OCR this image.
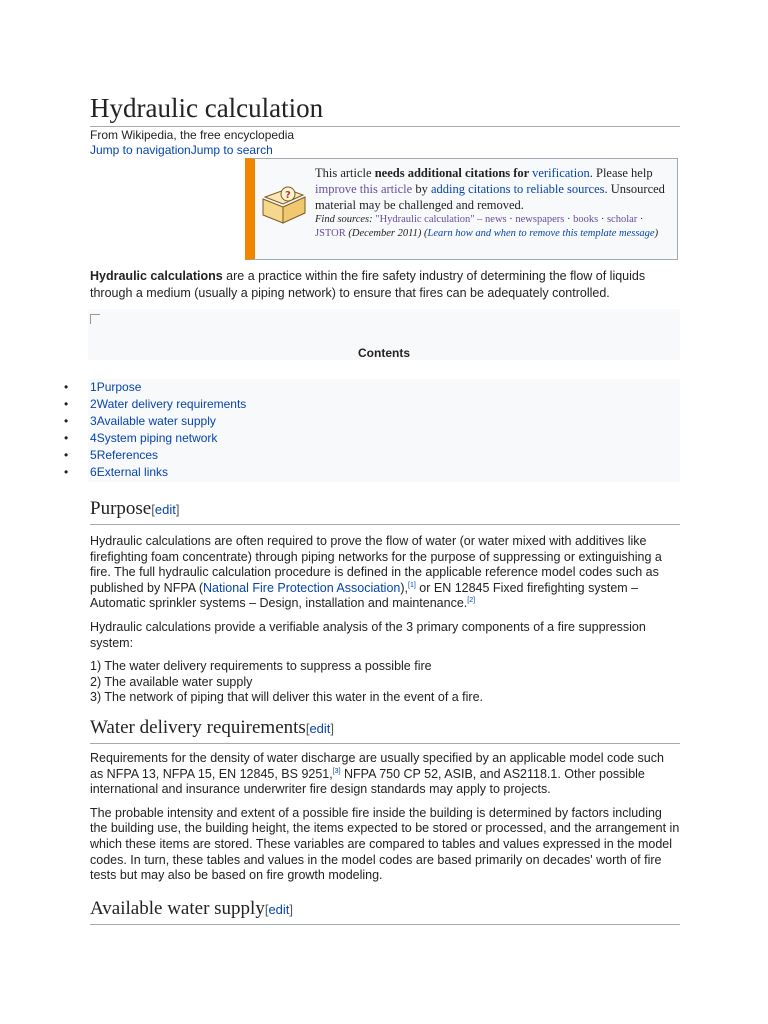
Hydraulic calculation
From Wikipedia, the free encyclopedia
Jump to navigationJump to search
?
This article needs additional citations for verification. Please help improve this article by adding citations to reliable sources. Unsourced material may be challenged and removed.
Find sources: "Hydraulic calculation" – news · newspapers · books · scholar · JSTOR (December 2011) (Learn how and when to remove this template message)

Hydraulic calculations are a practice within the fire safety industry of determining the flow of liquids through a medium (usually a piping network) to ensure that fires can be adequately controlled.

Contents
• 1Purpose
• 2Water delivery requirements
• 3Available water supply
• 4System piping network
• 5References
• 6External links
Purpose[edit]

Hydraulic calculations are often required to prove the flow of water (or water mixed with additives like firefighting foam concentrate) through piping networks for the purpose of suppressing or extinguishing a fire. The full hydraulic calculation procedure is defined in the applicable reference model codes such as published by NFPA (National Fire Protection Association),[1] or EN 12845 Fixed firefighting system – Automatic sprinkler systems – Design, installation and maintenance.[2]

Hydraulic calculations provide a verifiable analysis of the 3 primary components of a fire suppression system:

1) The water delivery requirements to suppress a possible fire

2) The available water supply

3) The network of piping that will deliver this water in the event of a fire.

Water delivery requirements[edit]

Requirements for the density of water discharge are usually specified by an applicable model code such as NFPA 13, NFPA 15, EN 12845, BS 9251,[3] NFPA 750 CP 52, ASIB, and AS2118.1. Other possible international and insurance underwriter fire design standards may apply to projects.

The probable intensity and extent of a possible fire inside the building is determined by factors including the building use, the building height, the items expected to be stored or processed, and the arrangement in which these items are stored. These variables are compared to tables and values expressed in the model codes. In turn, these tables and values in the model codes are based primarily on decades' worth of fire tests but may also be based on fire growth modeling.

Available water supply[edit]
